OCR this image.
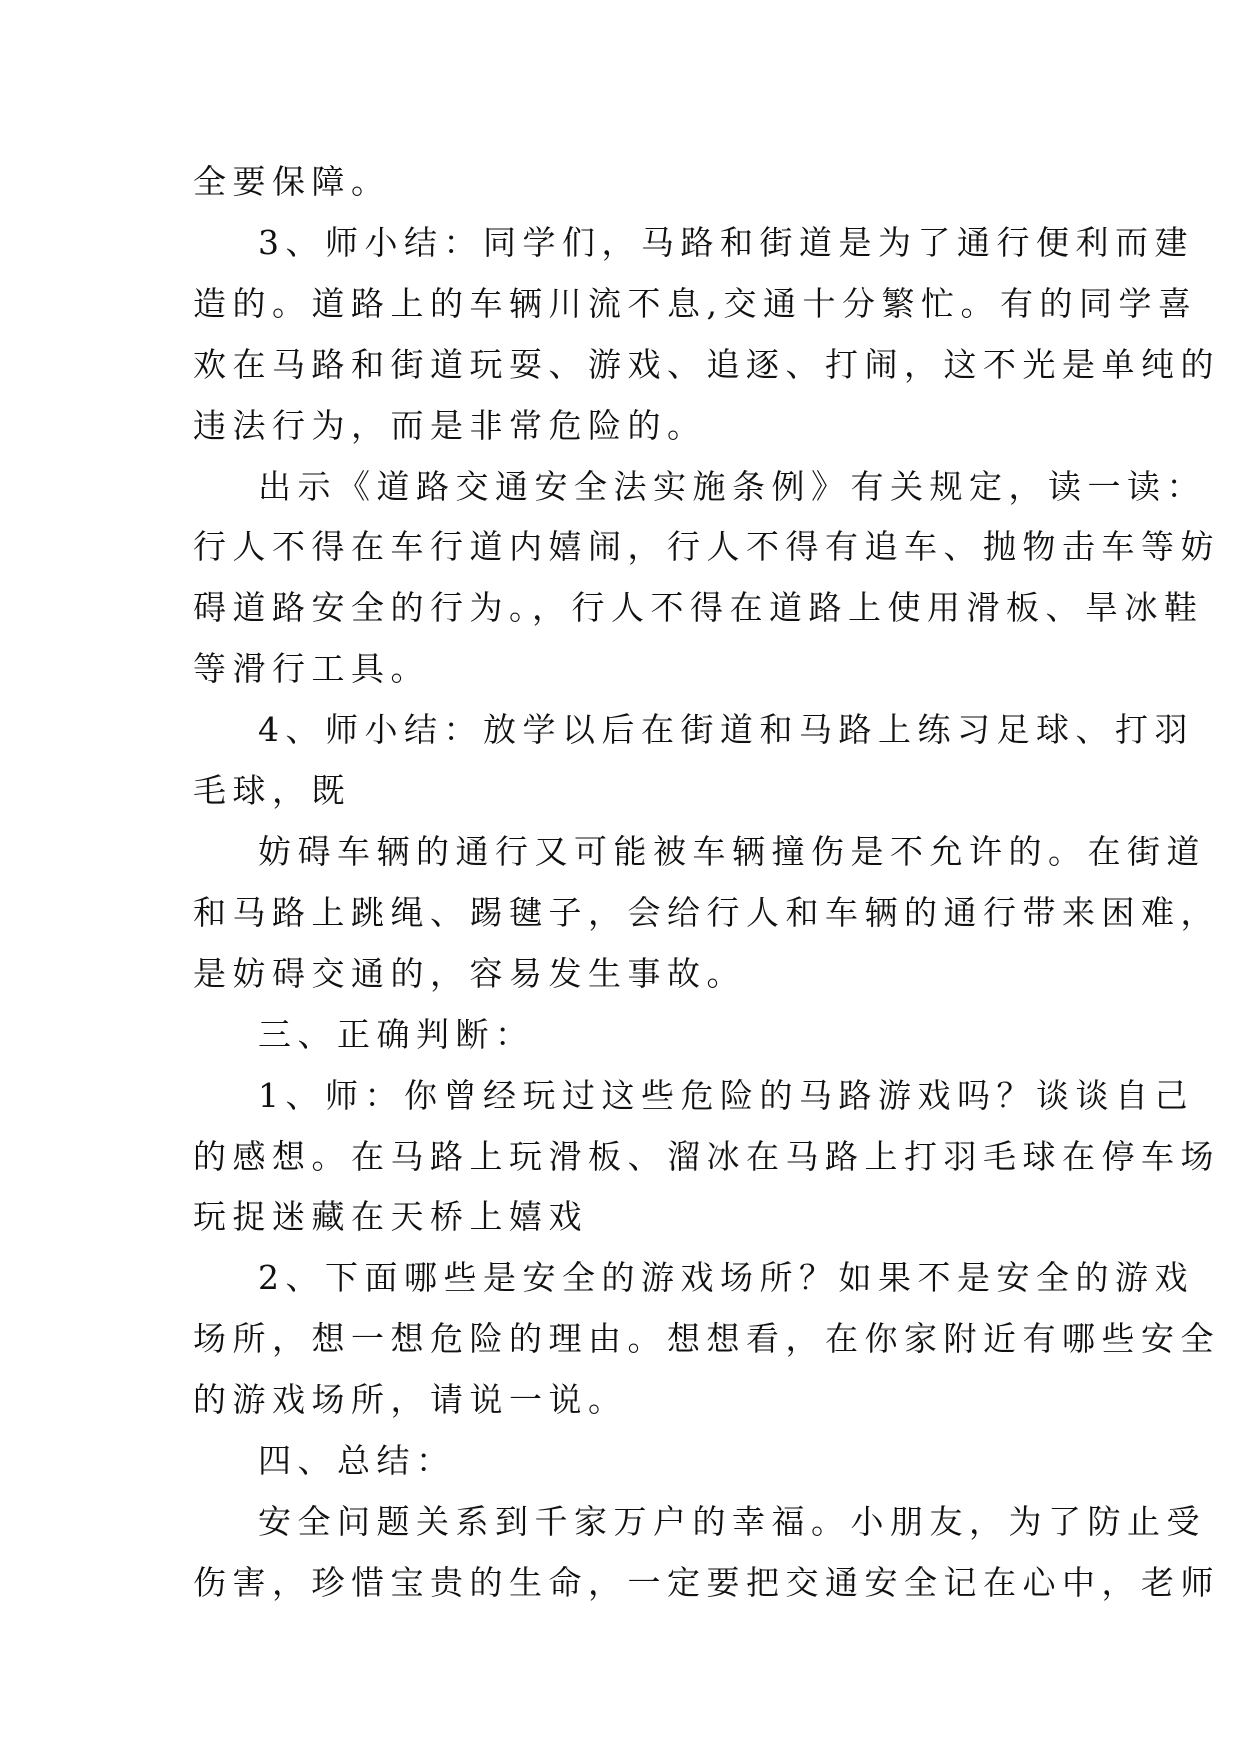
全要保障。

3、师小结：同学们，马路和街道是为了通行便利而建

造的。道路上的车辆川流不息,交通十分繁忙。有的同学喜

欢在马路和街道玩耍、游戏、追逐、打闹，这不光是单纯的

违法行为，而是非常危险的。

出示《道路交通安全法实施条例》有关规定，读一读：

行人不得在车行道内嬉闹，行人不得有追车、抛物击车等妨

碍道路安全的行为。，行人不得在道路上使用滑板、旱冰鞋

等滑行工具。

4、师小结：放学以后在街道和马路上练习足球、打羽

毛球，既

妨碍车辆的通行又可能被车辆撞伤是不允许的。在街道

和马路上跳绳、踢毽子，会给行人和车辆的通行带来困难，

是妨碍交通的，容易发生事故。

三、正确判断：

1、师：你曾经玩过这些危险的马路游戏吗？谈谈自己

的感想。在马路上玩滑板、溜冰在马路上打羽毛球在停车场

玩捉迷藏在天桥上嬉戏

2、下面哪些是安全的游戏场所？如果不是安全的游戏

场所，想一想危险的理由。想想看，在你家附近有哪些安全

的游戏场所，请说一说。

四、总结：

安全问题关系到千家万户的幸福。小朋友，为了防止受

伤害，珍惜宝贵的生命，一定要把交通安全记在心中，老师
